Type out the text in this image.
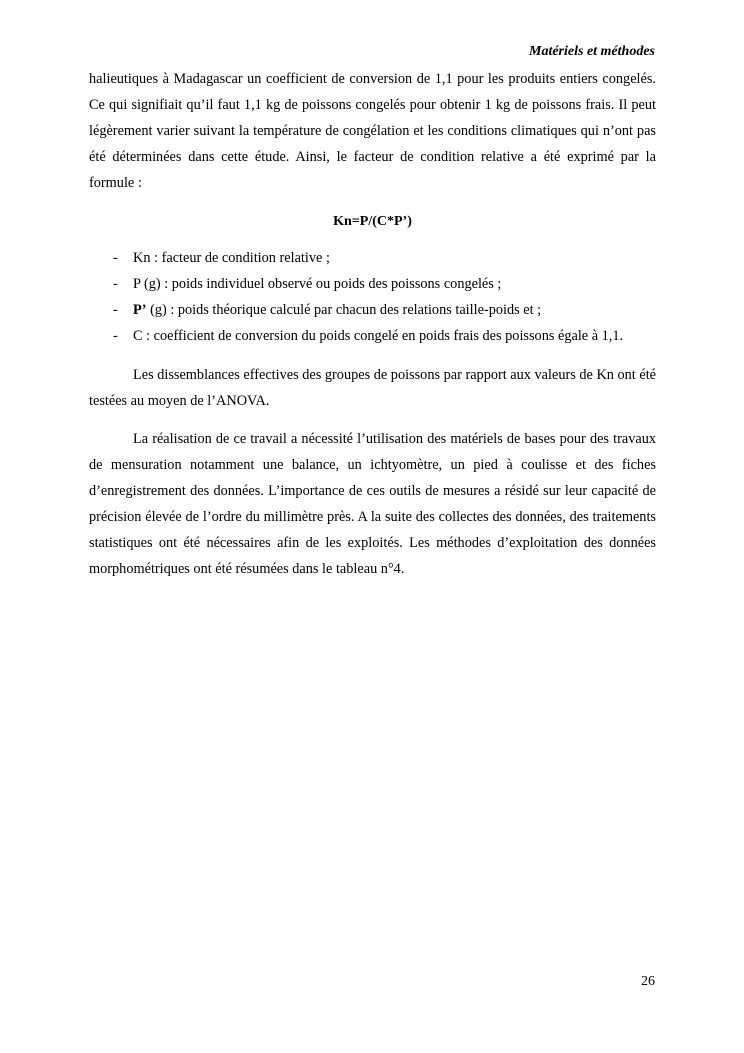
Matériels et méthodes

halieutiques à Madagascar un coefficient de conversion de 1,1 pour les produits entiers congelés. Ce qui signifiait qu’il faut 1,1 kg de poissons congelés pour obtenir 1 kg de poissons frais. Il peut légèrement varier suivant la température de congélation et les conditions climatiques qui n’ont pas été déterminées dans cette étude. Ainsi, le facteur de condition relative a été exprimé par la formule :

Kn=P/(C*P’)
- Kn : facteur de condition relative ;
- P (g) : poids individuel observé ou poids des poissons congelés ;
- P’ (g) : poids théorique calculé par chacun des relations taille-poids et ;
- C : coefficient de conversion du poids congelé en poids frais des poissons égale à 1,1.

Les dissemblances effectives des groupes de poissons par rapport aux valeurs de Kn ont été testées au moyen de l’ANOVA.

La réalisation de ce travail a nécessité l’utilisation des matériels de bases pour des travaux de mensuration notamment une balance, un ichtyomètre, un pied à coulisse et des fiches d’enregistrement des données. L’importance de ces outils de mesures a résidé sur leur capacité de précision élevée de l’ordre du millimètre près. A la suite des collectes des données, des traitements statistiques ont été nécessaires afin de les exploités. Les méthodes d’exploitation des données morphométriques ont été résumées dans le tableau n°4.

26
